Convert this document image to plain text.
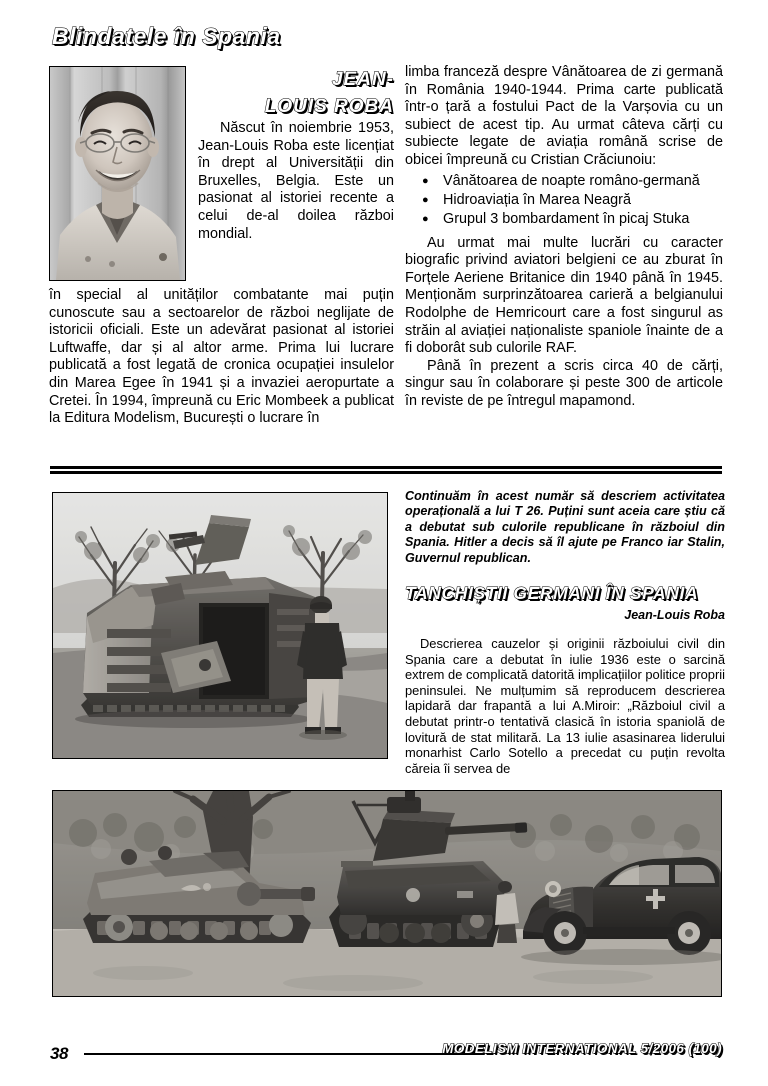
Blindatele în Spania
JEAN-
LOUIS ROBA

Născut în noiembrie 1953, Jean-Louis Roba este licențiat în drept al Universității din Bruxelles, Belgia. Este un pasionat al istoriei recente a celui de-al doilea război mondial.

în special al unităților combatante mai puțin cunoscute sau a sectoarelor de război neglijate de istoricii oficiali. Este un adevărat pasionat al istoriei Luftwaffe, dar și al altor arme. Prima lui lucrare publicată a fost legată de cronica ocupației insulelor din Marea Egee în 1941 și a invaziei aeropurtate a Cretei. În 1994, împreună cu Eric Mombeek a publicat la Editura Modelism, București o lucrare în

limba franceză despre Vânătoarea de zi germană în România 1940-1944. Prima carte publicată într-o țară a fostului Pact de la Varșovia cu un subiect de acest tip. Au urmat câteva cărți cu subiecte legate de aviația română scrise de obicei împreună cu Cristian Crăciunoiu:

● Vânătoarea de noapte româno-germană
● Hidroaviația în Marea Neagră
● Grupul 3 bombardament în picaj Stuka

Au urmat mai multe lucrări cu caracter biografic privind aviatori belgieni ce au zburat în Forțele Aeriene Britanice din 1940 până în 1945. Menționăm surprinzătoarea carieră a belgianului Rodolphe de Hemricourt care a fost singurul as străin al aviației naționaliste spaniole înainte de a fi doborât sub culorile RAF.

Până în prezent a scris circa 40 de cărți, singur sau în colaborare și peste 300 de articole în reviste de pe întregul mapamond.

Continuăm în acest număr să descriem activitatea operațională a lui T 26. Puțini sunt aceia care știu că a debutat sub culorile republicane în războiul din Spania. Hitler a decis să îl ajute pe Franco iar Stalin, Guvernul republican.

TANCHIȘTII GERMANI ÎN SPANIA
Jean-Louis Roba

Descrierea cauzelor și originii războiului civil din Spania care a debutat în iulie 1936 este o sarcină extrem de complicată datorită implicațiilor politice proprii peninsulei. Ne mulțumim să reproducem descrierea lapidară dar frapantă a lui A.Miroir: „Războiul civil a debutat printr-o tentativă clasică în istoria spaniolă de lovitură de stat militară. La 13 iulie asasinarea liderului monarhist Carlo Sotello a precedat cu puțin revolta căreia îi servea de

38	MODELISM INTERNATIONAL 5/2006 (100)
